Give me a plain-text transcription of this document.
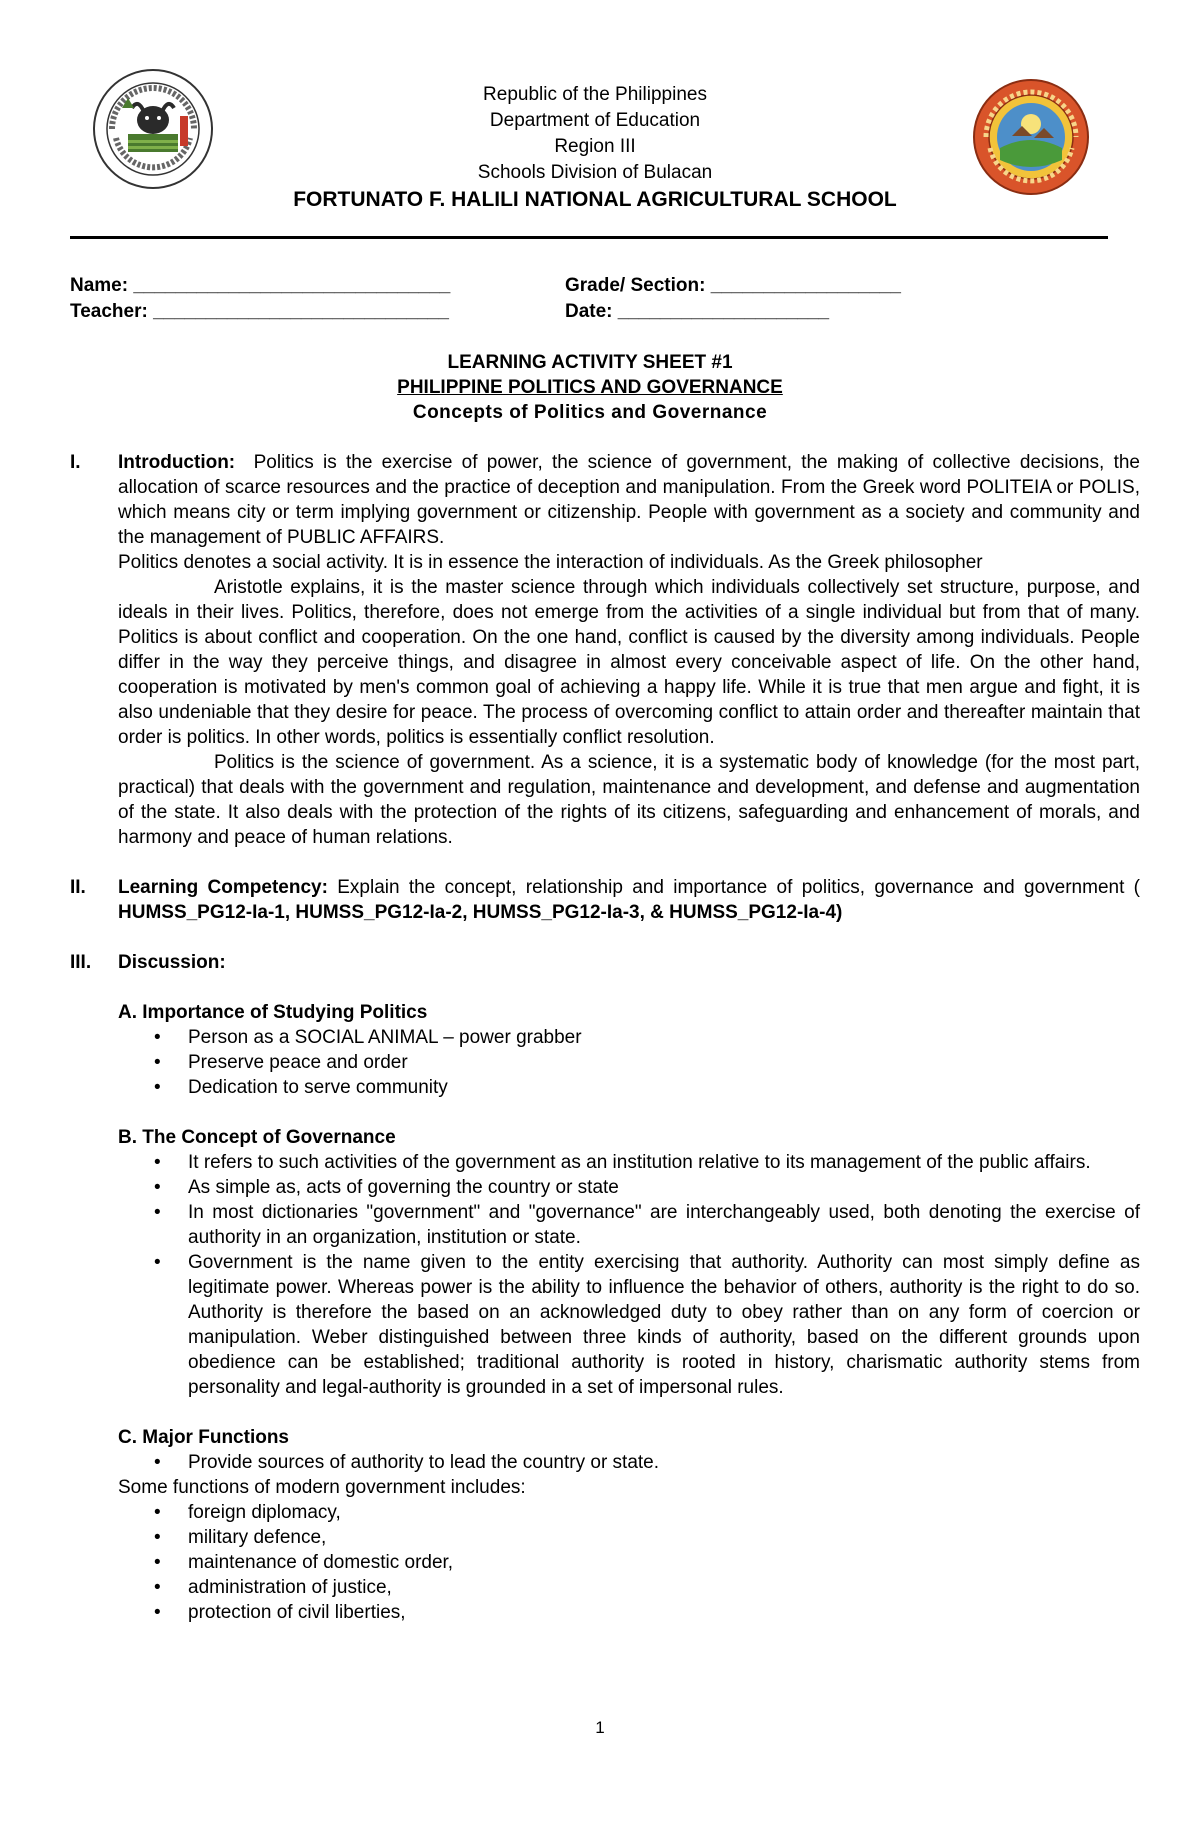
Republic of the Philippines
Department of Education
Region III
Schools Division of Bulacan
FORTUNATO F. HALILI NATIONAL AGRICULTURAL SCHOOL
Name: ______________________________	Grade/ Section: __________________
Teacher: ____________________________	Date: ____________________
LEARNING ACTIVITY SHEET #1
PHILIPPINE POLITICS AND GOVERNANCE
Concepts of Politics and Governance
I.	Introduction: Politics is the exercise of power, the science of government, the making of collective decisions, the allocation of scarce resources and the practice of deception and manipulation. From the Greek word POLITEIA or POLIS, which means city or term implying government or citizenship. People with government as a society and community and the management of PUBLIC AFFAIRS.
Politics denotes a social activity. It is in essence the interaction of individuals. As the Greek philosopher
Aristotle explains, it is the master science through which individuals collectively set structure, purpose, and ideals in their lives. Politics, therefore, does not emerge from the activities of a single individual but from that of many. Politics is about conflict and cooperation. On the one hand, conflict is caused by the diversity among individuals. People differ in the way they perceive things, and disagree in almost every conceivable aspect of life. On the other hand, cooperation is motivated by men's common goal of achieving a happy life. While it is true that men argue and fight, it is also undeniable that they desire for peace. The process of overcoming conflict to attain order and thereafter maintain that order is politics. In other words, politics is essentially conflict resolution.
Politics is the science of government. As a science, it is a systematic body of knowledge (for the most part, practical) that deals with the government and regulation, maintenance and development, and defense and augmentation of the state. It also deals with the protection of the rights of its citizens, safeguarding and enhancement of morals, and harmony and peace of human relations.
II.	Learning Competency: Explain the concept, relationship and importance of politics, governance and government ( HUMSS_PG12-Ia-1, HUMSS_PG12-Ia-2, HUMSS_PG12-Ia-3, & HUMSS_PG12-Ia-4)
III.	Discussion:
A. Importance of Studying Politics
• Person as a SOCIAL ANIMAL – power grabber
• Preserve peace and order
• Dedication to serve community
B. The Concept of Governance
• It refers to such activities of the government as an institution relative to its management of the public affairs.
• As simple as, acts of governing the country or state
• In most dictionaries "government" and "governance" are interchangeably used, both denoting the exercise of authority in an organization, institution or state.
• Government is the name given to the entity exercising that authority. Authority can most simply define as legitimate power. Whereas power is the ability to influence the behavior of others, authority is the right to do so. Authority is therefore the based on an acknowledged duty to obey rather than on any form of coercion or manipulation. Weber distinguished between three kinds of authority, based on the different grounds upon obedience can be established; traditional authority is rooted in history, charismatic authority stems from personality and legal-authority is grounded in a set of impersonal rules.
C. Major Functions
• Provide sources of authority to lead the country or state.
Some functions of modern government includes:
• foreign diplomacy,
• military defence,
• maintenance of domestic order,
• administration of justice,
• protection of civil liberties,
1
